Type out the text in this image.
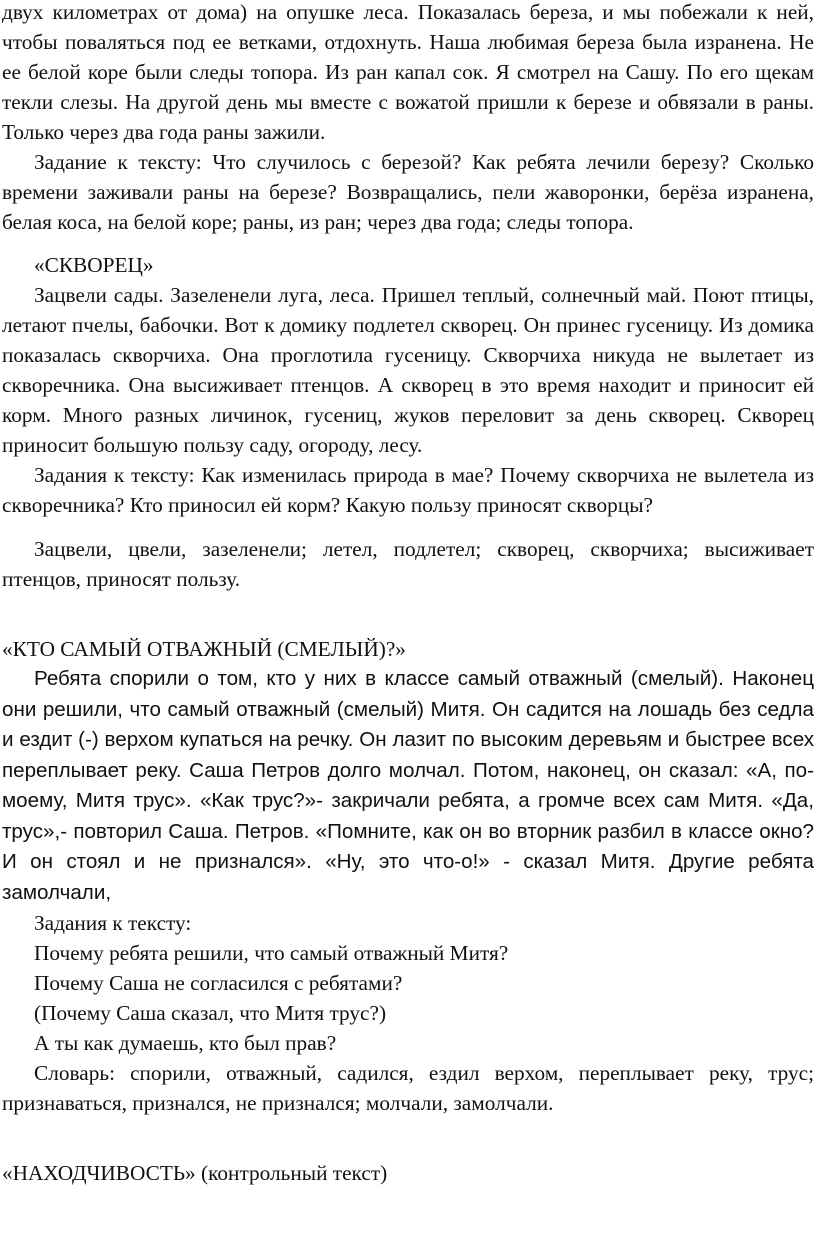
двух километрах от дома) на опушке леса. Показалась береза, и мы побежали к ней, чтобы поваляться под ее ветками, отдохнуть. Наша любимая береза была изранена. Не ее белой коре были следы топора. Из ран капал сок. Я смотрел на Сашу. По его щекам текли слезы. На другой день мы вместе с вожатой пришли к березе и обвязали в раны. Только через два года раны зажили.

Задание к тексту: Что случилось с березой? Как ребята лечили березу? Сколько времени заживали раны на березе? Возвращались, пели жаворонки, берёза изранена, белая коса, на белой коре; раны, из ран; через два года; следы топора.

«СКВОРЕЦ»

Зацвели сады. Зазеленели луга, леса. Пришел теплый, солнечный май. Поют птицы, летают пчелы, бабочки. Вот к домику подлетел скворец. Он принес гусеницу. Из домика показалась скворчиха. Она проглотила гусеницу. Скворчиха никуда не вылетает из скворечника. Она высиживает птенцов. А скворец в это время находит и приносит ей корм. Много разных личинок, гусениц, жуков переловит за день скворец. Скворец приносит большую пользу саду, огороду, лесу.

Задания к тексту: Как изменилась природа в мае? Почему скворчиха не вылетела из скворечника? Кто приносил ей корм? Какую пользу приносят скворцы?

Зацвели, цвели, зазеленели; летел, подлетел; скворец, скворчиха; высиживает птенцов, приносят пользу.

«КТО САМЫЙ ОТВАЖНЫЙ (СМЕЛЫЙ)?»

Ребята спорили о том, кто у них в классе самый отважный (смелый). Наконец они решили, что самый отважный (смелый) Митя. Он садится на лошадь без седла и ездит (-) верхом купаться на речку. Он лазит по высоким деревьям и быстрее всех переплывает реку. Саша Петров долго молчал. Потом, наконец, он сказал: «А, по-моему, Митя трус». «Как трус?»- закричали ребята, а громче всех сам Митя. «Да, трус»,- повторил Саша. Петров. «Помните, как он во вторник разбил в классе окно? И он стоял и не признался». «Ну, это что-о!» - сказал Митя. Другие ребята замолчали,

Задания к тексту:

Почему ребята решили, что самый отважный Митя?

Почему Саша не согласился с ребятами?

(Почему Саша сказал, что Митя трус?)

А ты как думаешь, кто был прав?

Словарь: спорили, отважный, садился, ездил верхом, переплывает реку, трус; признаваться, признался, не признался; молчали, замолчали.

«НАХОДЧИВОСТЬ» (контрольный текст)
